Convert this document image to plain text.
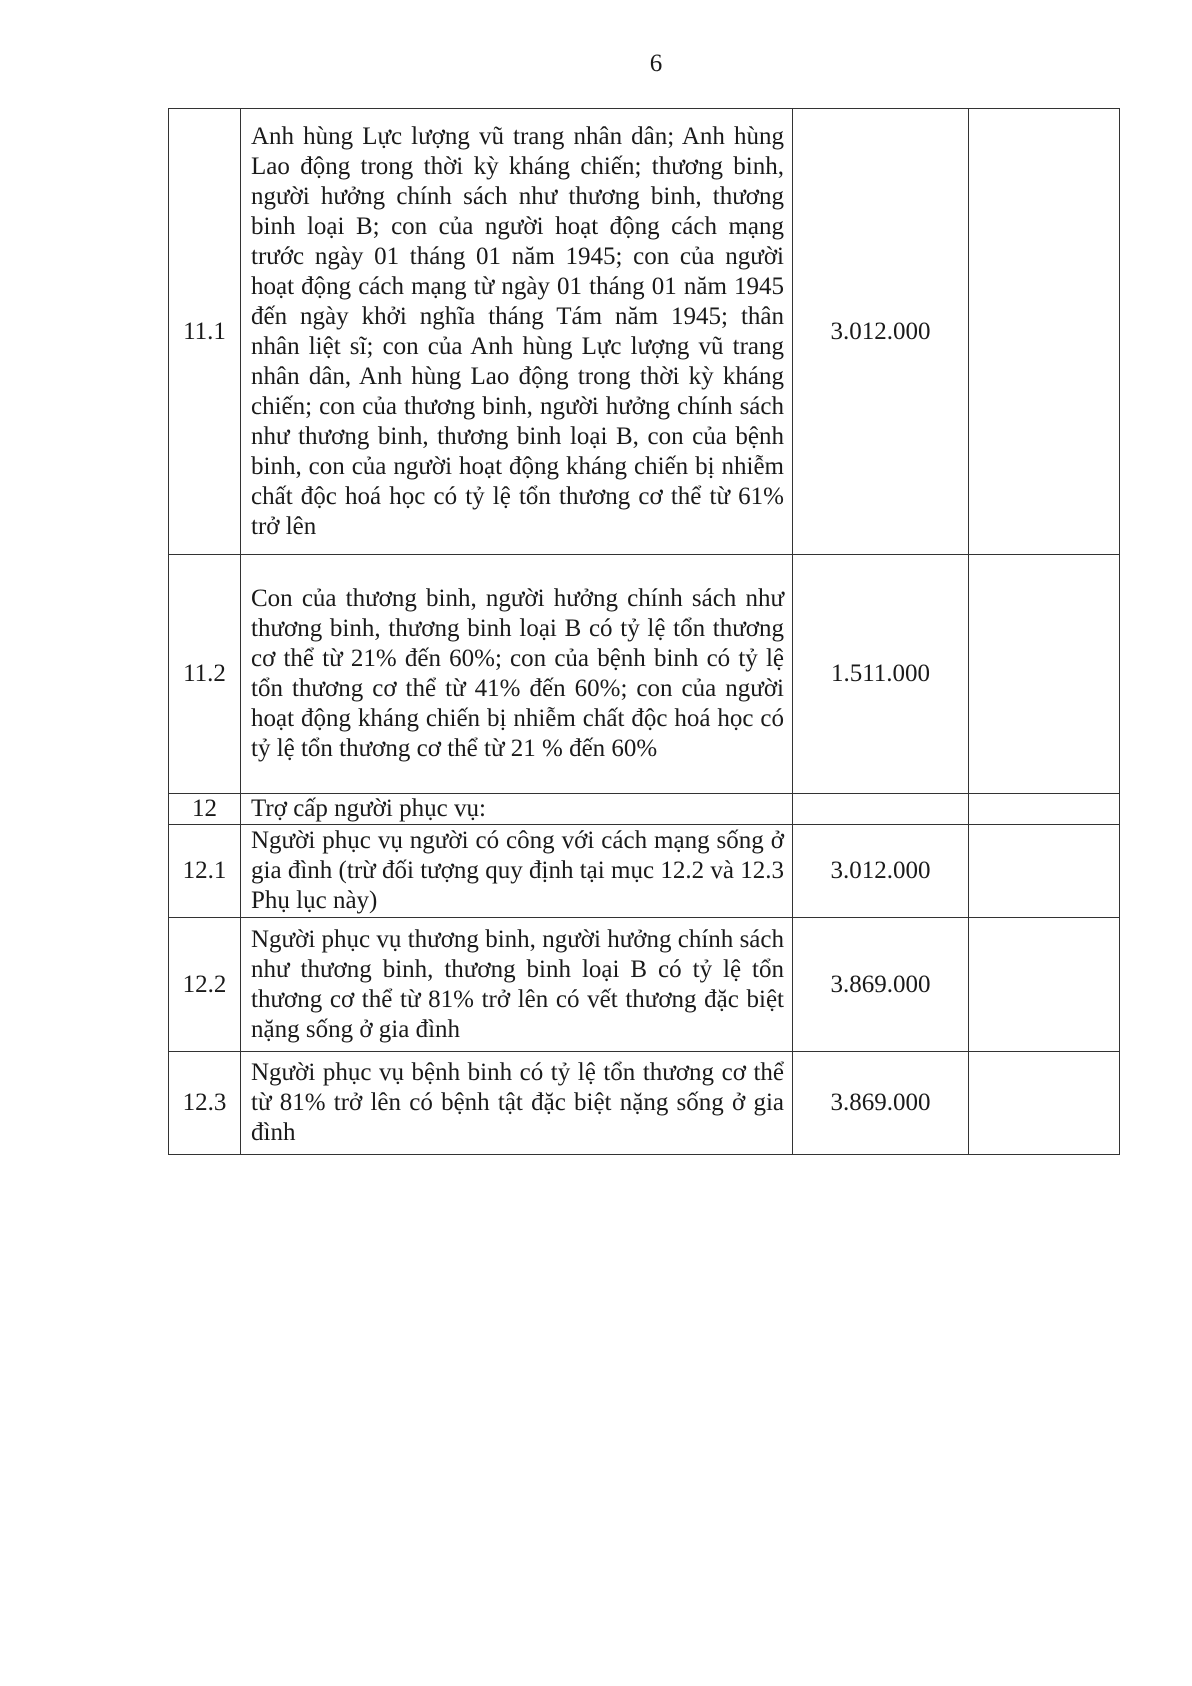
6
11.1	Anh hùng Lực lượng vũ trang nhân dân; Anh hùng Lao động trong thời kỳ kháng chiến; thương binh, người hưởng chính sách như thương binh, thương binh loại B; con của người hoạt động cách mạng trước ngày 01 tháng 01 năm 1945; con của người hoạt động cách mạng từ ngày 01 tháng 01 năm 1945 đến ngày khởi nghĩa tháng Tám năm 1945; thân nhân liệt sĩ; con của Anh hùng Lực lượng vũ trang nhân dân, Anh hùng Lao động trong thời kỳ kháng chiến; con của thương binh, người hưởng chính sách như thương binh, thương binh loại B, con của bệnh binh, con của người hoạt động kháng chiến bị nhiễm chất độc hoá học có tỷ lệ tổn thương cơ thể từ 61% trở lên	3.012.000	
11.2	Con của thương binh, người hưởng chính sách như thương binh, thương binh loại B có tỷ lệ tổn thương cơ thể từ 21% đến 60%; con của bệnh binh có tỷ lệ tổn thương cơ thể từ 41% đến 60%; con của người hoạt động kháng chiến bị nhiễm chất độc hoá học có tỷ lệ tổn thương cơ thể từ 21 % đến 60%	1.511.000	
12	Trợ cấp người phục vụ:		
12.1	Người phục vụ người có công với cách mạng sống ở gia đình (trừ đối tượng quy định tại mục 12.2 và 12.3 Phụ lục này)	3.012.000	
12.2	Người phục vụ thương binh, người hưởng chính sách như thương binh, thương binh loại B có tỷ lệ tổn thương cơ thể từ 81% trở lên có vết thương đặc biệt nặng sống ở gia đình	3.869.000	
12.3	Người phục vụ bệnh binh có tỷ lệ tổn thương cơ thể từ 81% trở lên có bệnh tật đặc biệt nặng sống ở gia đình	3.869.000	
